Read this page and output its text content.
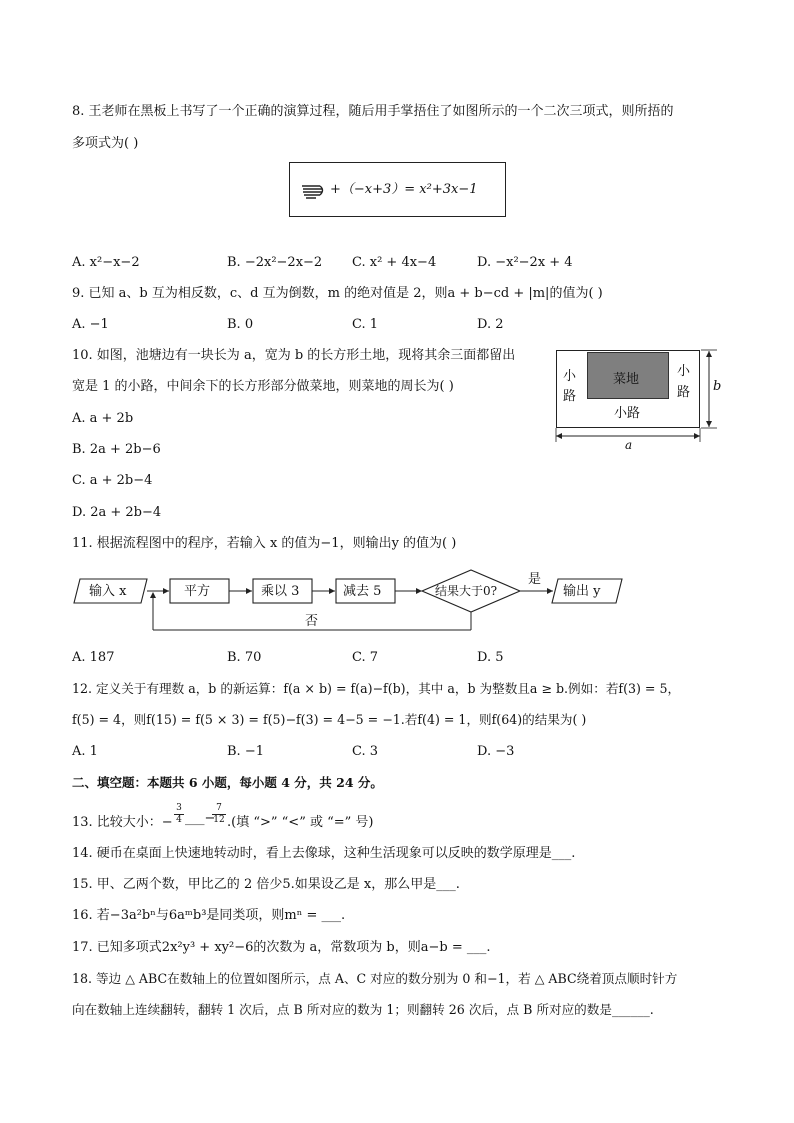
8. 王老师在黑板上书写了一个正确的演算过程，随后用手掌捂住了如图所示的一个二次三项式，则所捂的
多项式为( )
+（−x+3）= x²+3x−1
A. x²−x−2	B. −2x²−2x−2 C. x² + 4x−4	D. −x²−2x + 4
9. 已知 a、b 互为相反数，c、d 互为倒数，m 的绝对值是 2，则a + b−cd + |m|的值为( )
A. −1	B. 0	C. 1	D. 2
10. 如图，池塘边有一块长为 a，宽为 b 的长方形土地，现将其余三面都留出
宽是 1 的小路，中间余下的长方形部分做菜地，则菜地的周长为( )
A. a + 2b
B. 2a + 2b−6
C. a + 2b−4
D. 2a + 2b−4
菜地
小
路
小
路
小路
b
a
11. 根据流程图中的程序，若输入 x 的值为−1，则输出y 的值为( )
输入 x	平方	乘以 3	减去 5	结果大于0?
是
输出 y
否
A. 187	B. 70	C. 7	D. 5
12. 定义关于有理数 a，b 的新运算：f(a × b) = f(a)−f(b)，其中 a，b 为整数且a ≥ b.例如：若f(3) = 5，
f(5) = 4，则f(15) = f(5 × 3) = f(5)−f(3) = 4−5 = −1.若f(4) = 1，则f(64)的结果为( )
A. 1	B. −1	C. 3	D. −3
二、填空题：本题共 6 小题，每小题 4 分，共 24 分。
13. 比较大小：− $\frac{3}{4}$ ___−
$\frac{7}{12}$ .(填 “>” “<” 或 “=” 号)
14. 硬币在桌面上快速地转动时，看上去像球，这种生活现象可以反映的数学原理是___.
15. 甲、乙两个数，甲比乙的 2 倍少5.如果设乙是 x，那么甲是___.
16. 若−3a²bⁿ与6aᵐb³是同类项，则mⁿ = ___.
17. 已知多项式2x²y³ + xy²−6的次数为 a，常数项为 b，则a−b = ___.
18. 等边 △ ABC在数轴上的位置如图所示，点 A、C 对应的数分别为 0 和−1，若 △ ABC绕着顶点顺时针方
向在数轴上连续翻转，翻转 1 次后，点 B 所对应的数为 1；则翻转 26 次后，点 B 所对应的数是______.
